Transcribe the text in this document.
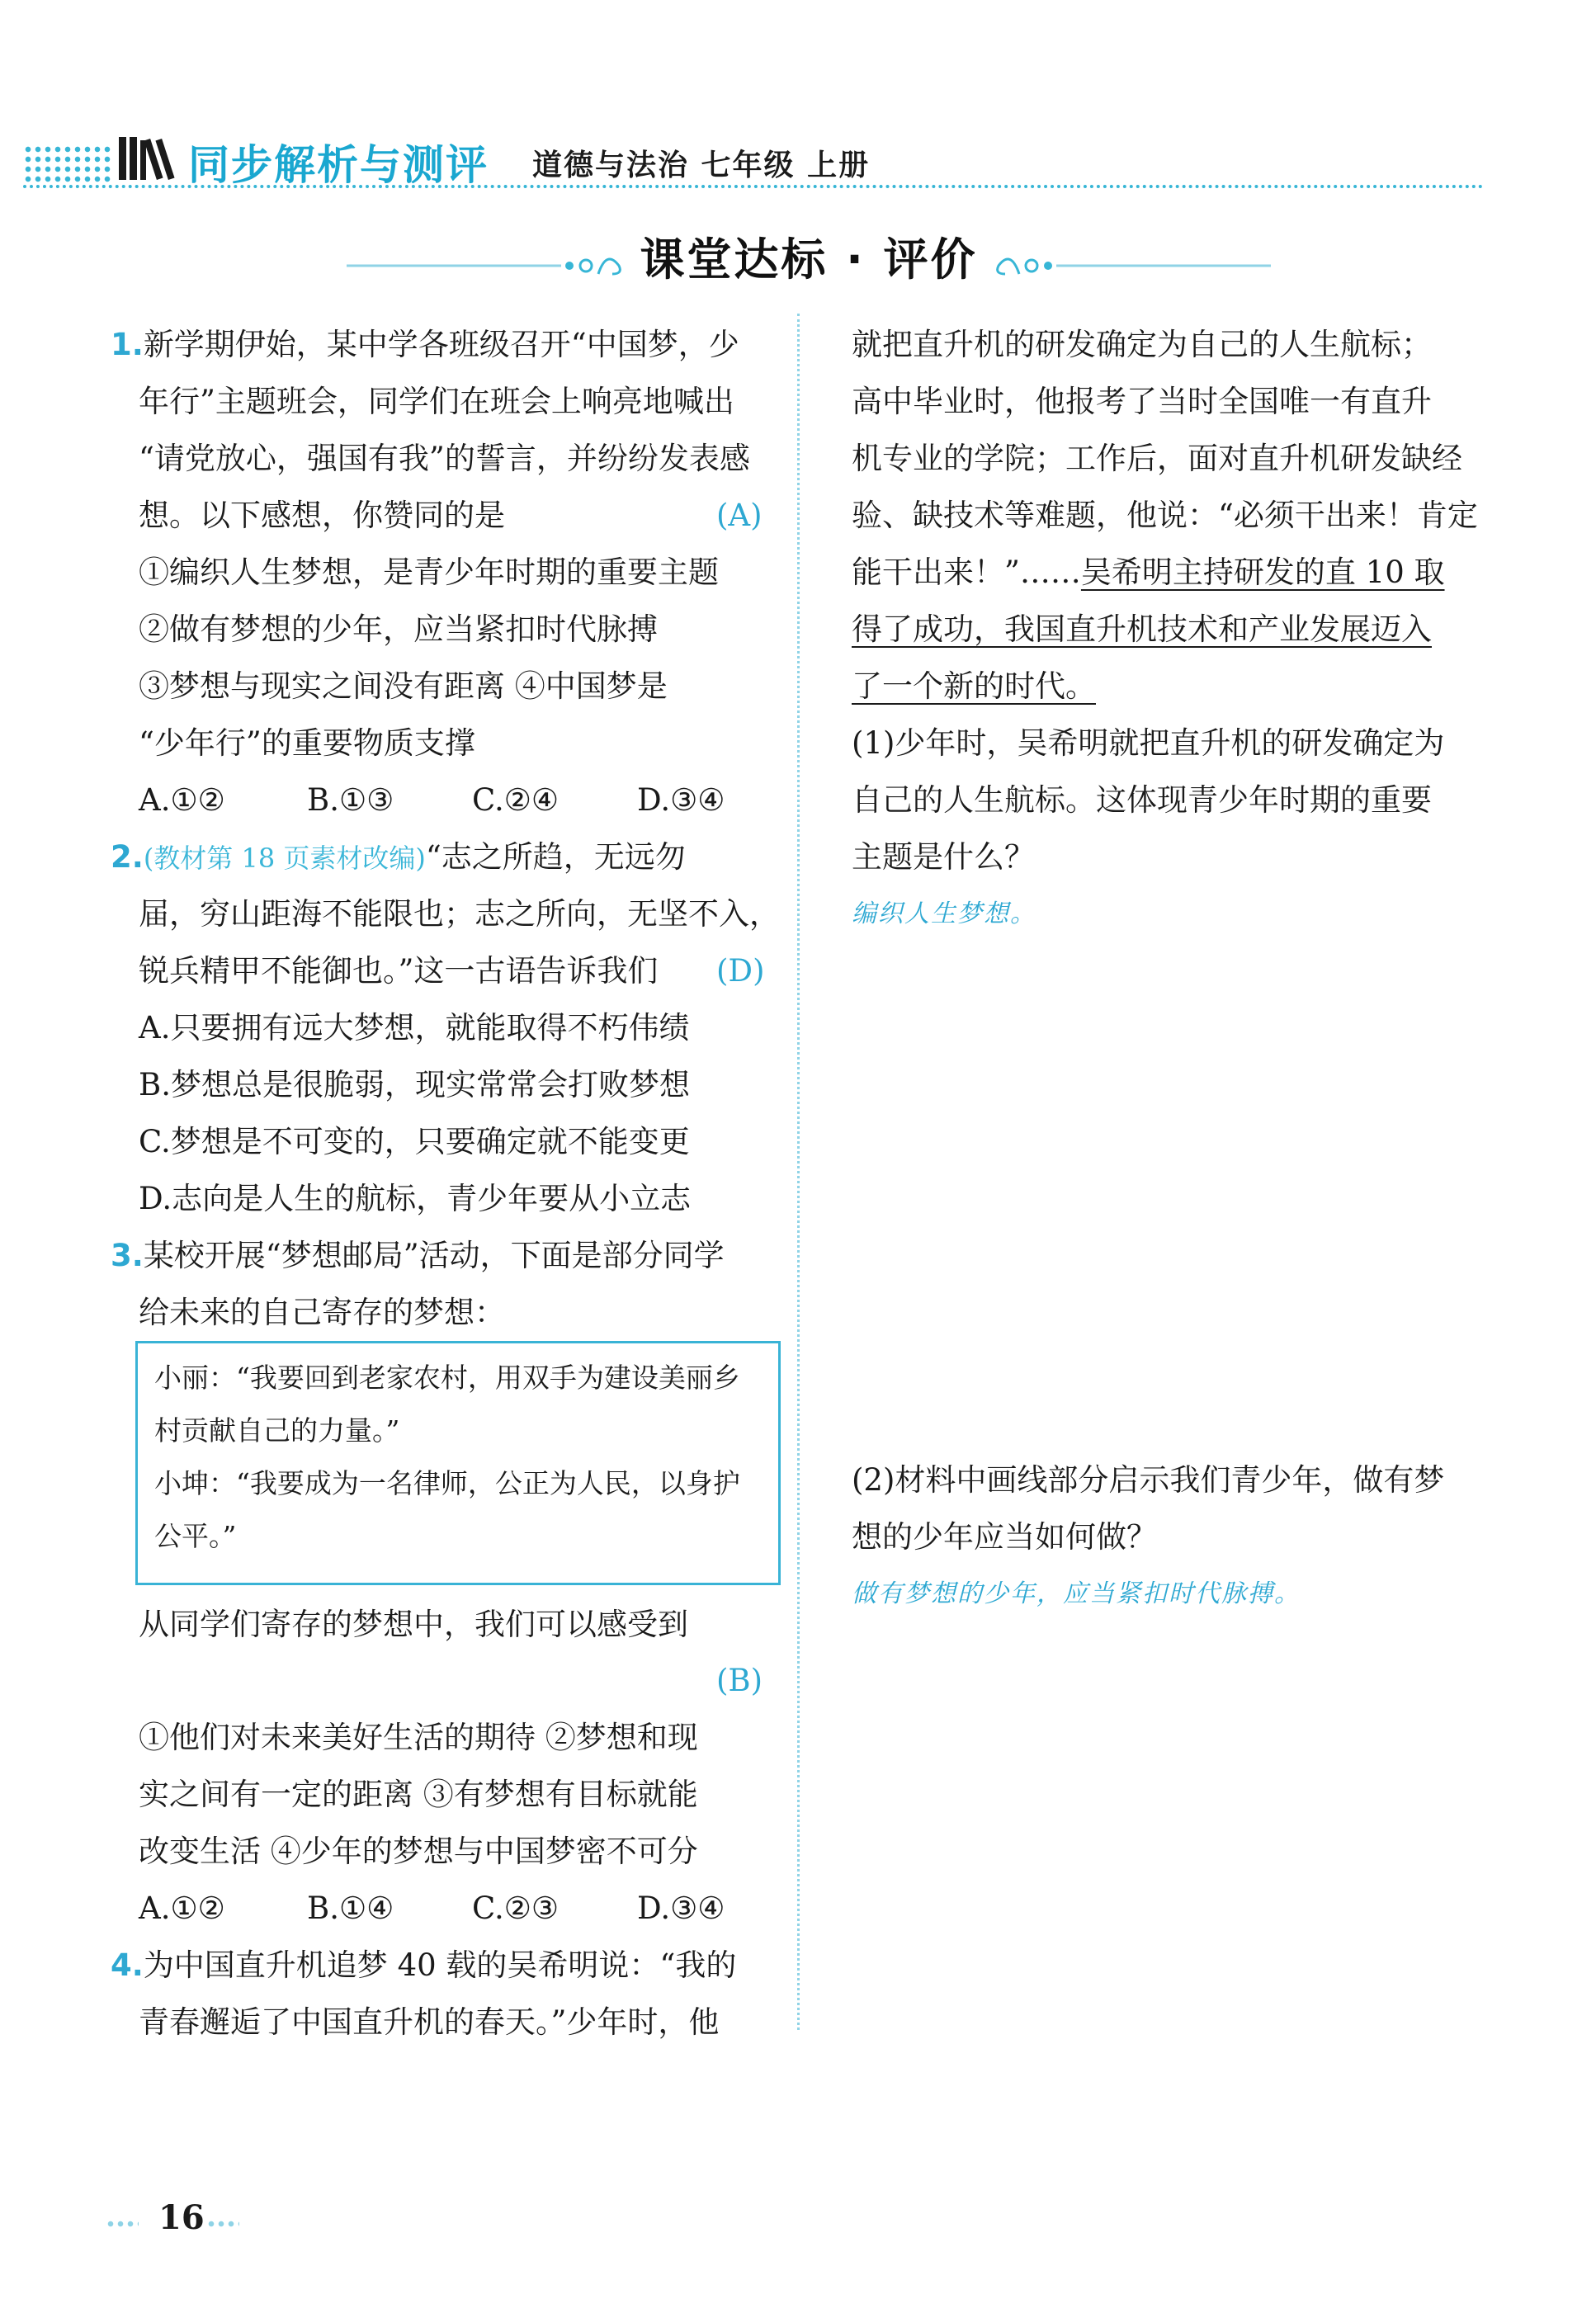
同步解析与测评 道德与法治 七年级 上册
课堂达标 · 评价
1.新学期伊始，某中学各班级召开“中国梦，少
年行”主题班会，同学们在班会上响亮地喊出
“请党放心，强国有我”的誓言，并纷纷发表感
想。以下感想，你赞同的是	(A)
①编织人生梦想，是青少年时期的重要主题
②做有梦想的少年，应当紧扣时代脉搏
③梦想与现实之间没有距离 ④中国梦是
“少年行”的重要物质支撑
A.①②	B.①③	C.②④	D.③④
2.(教材第 18 页素材改编)“志之所趋，无远勿
届，穷山距海不能限也；志之所向，无坚不入，
锐兵精甲不能御也。”这一古语告诉我们 (D)
A.只要拥有远大梦想，就能取得不朽伟绩
B.梦想总是很脆弱，现实常常会打败梦想
C.梦想是不可变的，只要确定就不能变更
D.志向是人生的航标，青少年要从小立志
3.某校开展“梦想邮局”活动，下面是部分同学
给未来的自己寄存的梦想：
小丽：“我要回到老家农村，用双手为建设美丽乡
村贡献自己的力量。”
小坤：“我要成为一名律师，公正为人民，以身护
公平。”
从同学们寄存的梦想中，我们可以感受到
(B)
①他们对未来美好生活的期待 ②梦想和现
实之间有一定的距离 ③有梦想有目标就能
改变生活 ④少年的梦想与中国梦密不可分
A.①②	B.①④	C.②③	D.③④
4.为中国直升机追梦 40 载的吴希明说：“我的
青春邂逅了中国直升机的春天。”少年时，他
就把直升机的研发确定为自己的人生航标；
高中毕业时，他报考了当时全国唯一有直升
机专业的学院；工作后，面对直升机研发缺经
验、缺技术等难题，他说：“必须干出来！肯定
能干出来！”……吴希明主持研发的直 10 取
得了成功，我国直升机技术和产业发展迈入
了一个新的时代。
(1)少年时，吴希明就把直升机的研发确定为
自己的人生航标。这体现青少年时期的重要
主题是什么？
编织人生梦想。
(2)材料中画线部分启示我们青少年，做有梦
想的少年应当如何做？
做有梦想的少年，应当紧扣时代脉搏。
16
